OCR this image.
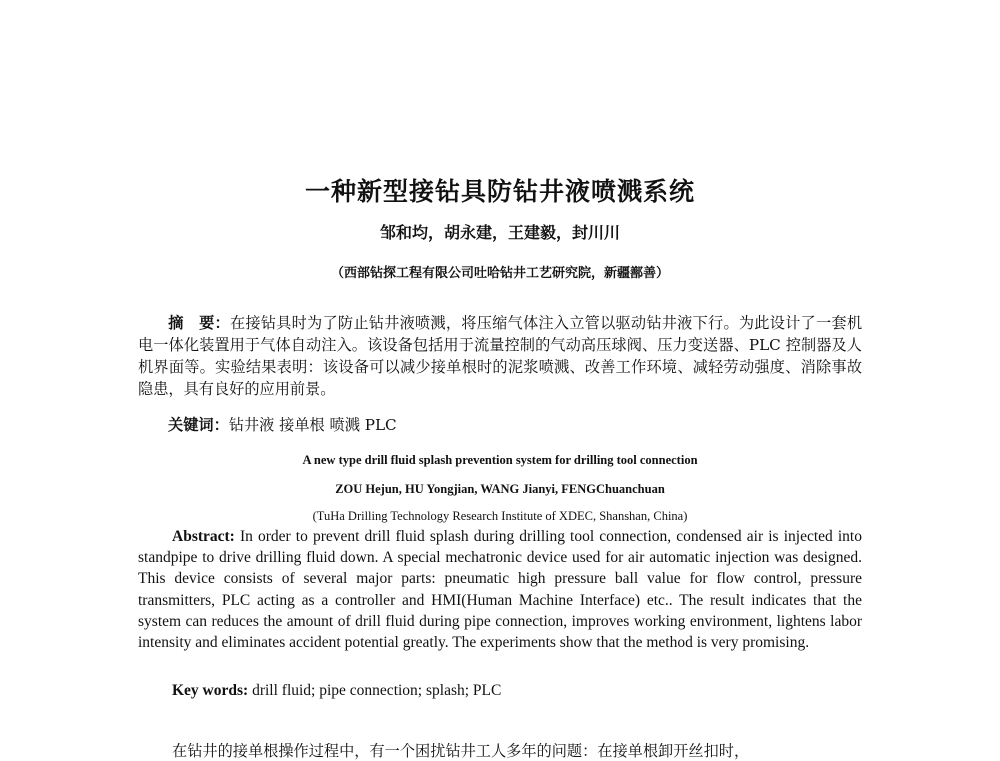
一种新型接钻具防钻井液喷溅系统
邹和均，胡永建，王建毅，封川川
（西部钻探工程有限公司吐哈钻井工艺研究院，新疆鄯善）
摘　要：在接钻具时为了防止钻井液喷溅，将压缩气体注入立管以驱动钻井液下行。为此设计了一套机电一体化装置用于气体自动注入。该设备包括用于流量控制的气动高压球阀、压力变送器、PLC 控制器及人机界面等。实验结果表明：该设备可以减少接单根时的泥浆喷溅、改善工作环境、减轻劳动强度、消除事故隐患，具有良好的应用前景。
关键词：钻井液 接单根 喷溅 PLC
A new type drill fluid splash prevention system for drilling tool connection
ZOU Hejun, HU Yongjian, WANG Jianyi, FENGChuanchuan
(TuHa Drilling Technology Research Institute of XDEC, Shanshan, China)
Abstract: In order to prevent drill fluid splash during drilling tool connection, condensed air is injected into standpipe to drive drilling fluid down. A special mechatronic device used for air automatic injection was designed. This device consists of several major parts: pneumatic high pressure ball value for flow control, pressure transmitters, PLC acting as a controller and HMI(Human Machine Interface) etc.. The result indicates that the system can reduces the amount of drill fluid during pipe connection, improves working environment, lightens labor intensity and eliminates accident potential greatly. The experiments show that the method is very promising.
Key words: drill fluid; pipe connection; splash; PLC
在钻井的接单根操作过程中，有一个困扰钻井工人多年的问题：在接单根卸开丝扣时，
